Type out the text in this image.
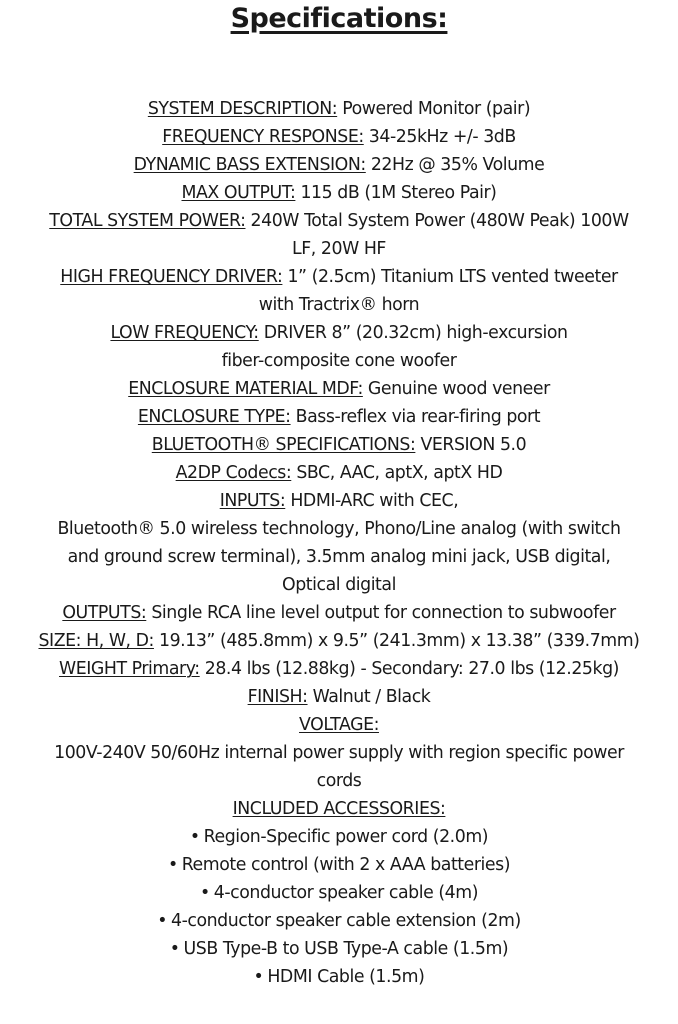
Specifications:
SYSTEM DESCRIPTION: Powered Monitor (pair)
FREQUENCY RESPONSE: 34-25kHz +/- 3dB
DYNAMIC BASS EXTENSION: 22Hz @ 35% Volume
MAX OUTPUT: 115 dB (1M Stereo Pair)
TOTAL SYSTEM POWER: 240W Total System Power (480W Peak) 100W
LF, 20W HF
HIGH FREQUENCY DRIVER: 1” (2.5cm) Titanium LTS vented tweeter
with Tractrix® horn
LOW FREQUENCY: DRIVER 8” (20.32cm) high-excursion
fiber-composite cone woofer
ENCLOSURE MATERIAL MDF: Genuine wood veneer
ENCLOSURE TYPE: Bass-reflex via rear-firing port
BLUETOOTH® SPECIFICATIONS: VERSION 5.0
A2DP Codecs: SBC, AAC, aptX, aptX HD
INPUTS: HDMI-ARC with CEC,
Bluetooth® 5.0 wireless technology, Phono/Line analog (with switch
and ground screw terminal), 3.5mm analog mini jack, USB digital,
Optical digital
OUTPUTS: Single RCA line level output for connection to subwoofer
SIZE: H, W, D: 19.13” (485.8mm) x 9.5” (241.3mm) x 13.38” (339.7mm)
WEIGHT Primary: 28.4 lbs (12.88kg) - Secondary: 27.0 lbs (12.25kg)
FINISH: Walnut / Black
VOLTAGE:
100V-240V 50/60Hz internal power supply with region specific power
cords
INCLUDED ACCESSORIES:
• Region-Specific power cord (2.0m)
• Remote control (with 2 x AAA batteries)
• 4-conductor speaker cable (4m)
• 4-conductor speaker cable extension (2m)
• USB Type-B to USB Type-A cable (1.5m)
• HDMI Cable (1.5m)
